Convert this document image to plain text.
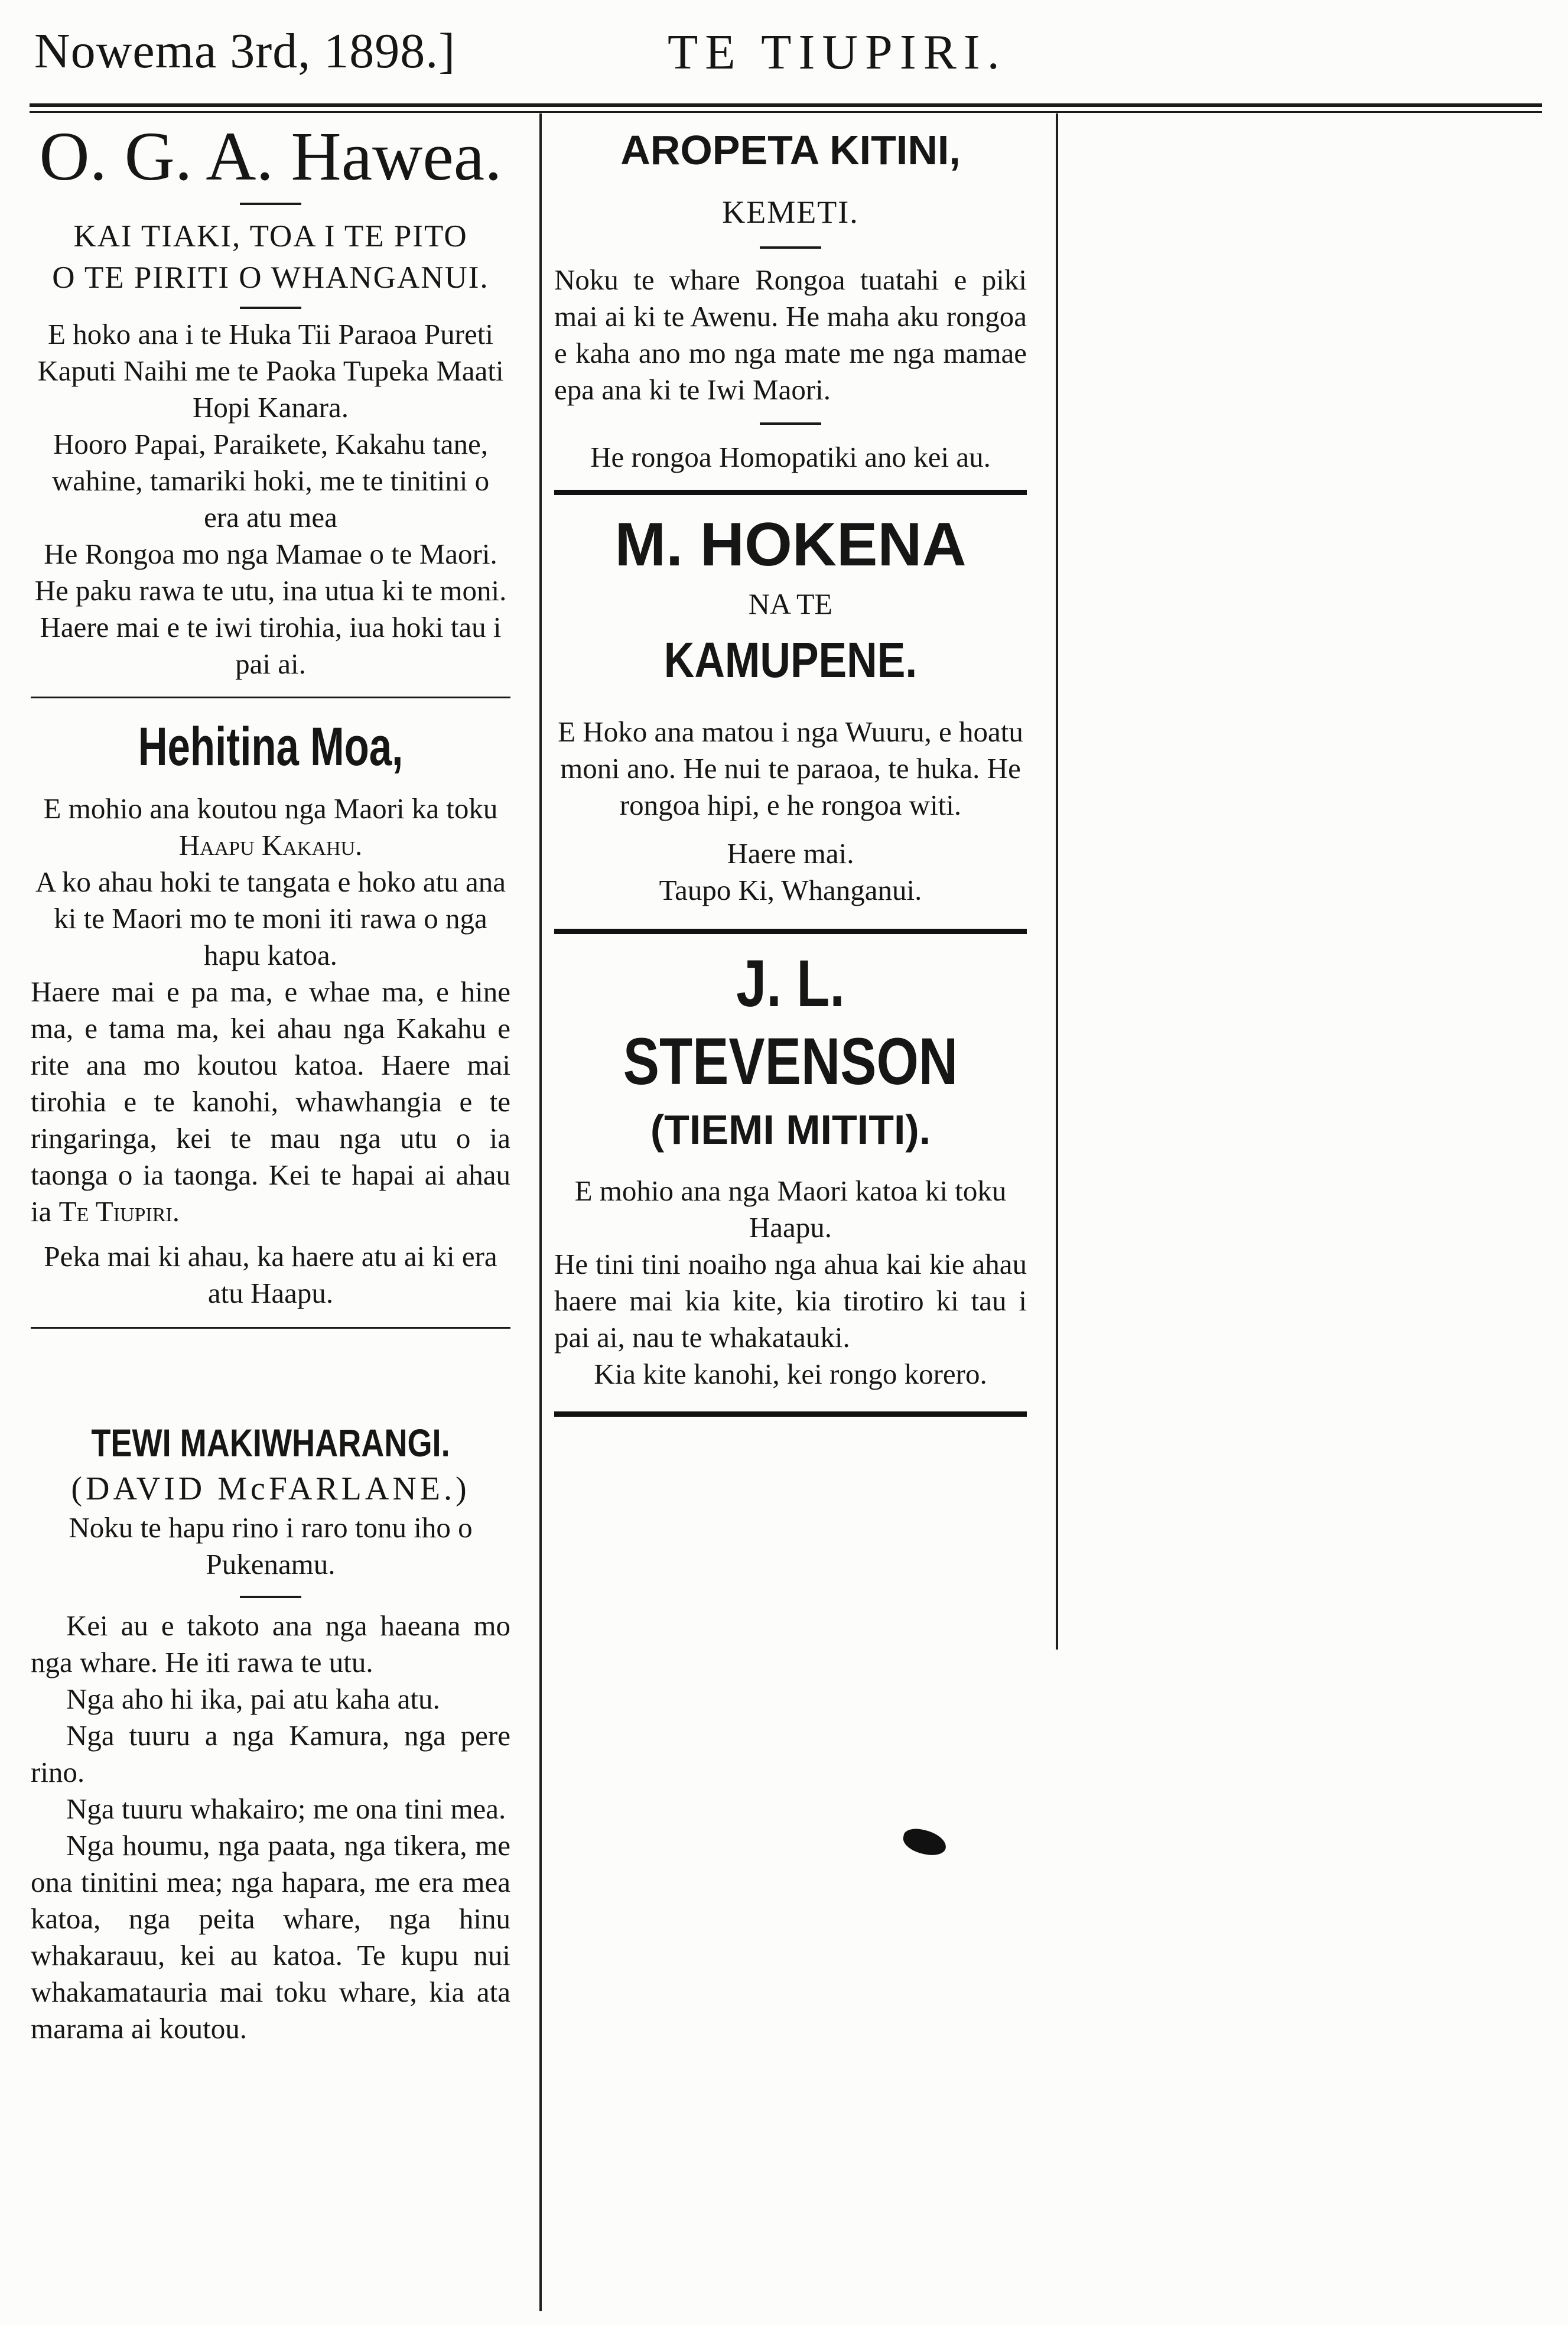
Nowema 3rd, 1898.]	TE TIUPIRI.
O. G. A. Hawea.
KAI TIAKI, TOA I TE PITO
O TE PIRITI O WHANGANUI.

E hoko ana i te Huka Tii Paraoa Pureti Kaputi Naihi me te Paoka Tupeka Maati Hopi Kanara.

Hooro Papai, Paraikete, Kakahu tane, wahine, tamariki hoki, me te tinitini o era atu mea

He Rongoa mo nga Mamae o te Maori. He paku rawa te utu, ina utua ki te moni.

Haere mai e te iwi tirohia, iua hoki tau i pai ai.

Hehitina Moa,

E mohio ana koutou nga Maori ka toku Haapu Kakahu.

A ko ahau hoki te tangata e hoko atu ana ki te Maori mo te moni iti rawa o nga hapu katoa.

Haere mai e pa ma, e whae ma, e hine ma, e tama ma, kei ahau nga Kakahu e rite ana mo koutou katoa. Haere mai tirohia e te kanohi, whawhangia e te ringaringa, kei te mau nga utu o ia taonga o ia taonga. Kei te hapai ai ahau ia Te Tiupiri.

Peka mai ki ahau, ka haere atu ai ki era atu Haapu.

TEWI MAKIWHARANGI.
(DAVID McFARLANE.)

Noku te hapu rino i raro tonu iho o Pukenamu.

Kei au e takoto ana nga haeana mo nga whare. He iti rawa te utu.

Nga aho hi ika, pai atu kaha atu.

Nga tuuru a nga Kamura, nga pere rino.

Nga tuuru whakairo; me ona tini mea.

Nga houmu, nga paata, nga tikera, me ona tinitini mea; nga hapara, me era mea katoa, nga peita whare, nga hinu whakarauu, kei au katoa. Te kupu nui whakamatauria mai toku whare, kia ata marama ai koutou.

AROPETA KITINI,
KEMETI.

Noku te whare Rongoa tuatahi e piki mai ai ki te Awenu. He maha aku rongoa e kaha ano mo nga mate me nga mamae epa ana ki te Iwi Maori.

He rongoa Homopatiki ano kei au.

M. HOKENA
NA TE
KAMUPENE.

E Hoko ana matou i nga Wuuru, e hoatu moni ano. He nui te paraoa, te huka. He rongoa hipi, e he rongoa witi.

Haere mai.

Taupo Ki, Whanganui.

J. L. STEVENSON
(TIEMI MITITI).

E mohio ana nga Maori katoa ki toku Haapu.

He tini tini noaiho nga ahua kai kie ahau haere mai kia kite, kia tirotiro ki tau i pai ai, nau te whakatauki.

Kia kite kanohi, kei rongo korero.
